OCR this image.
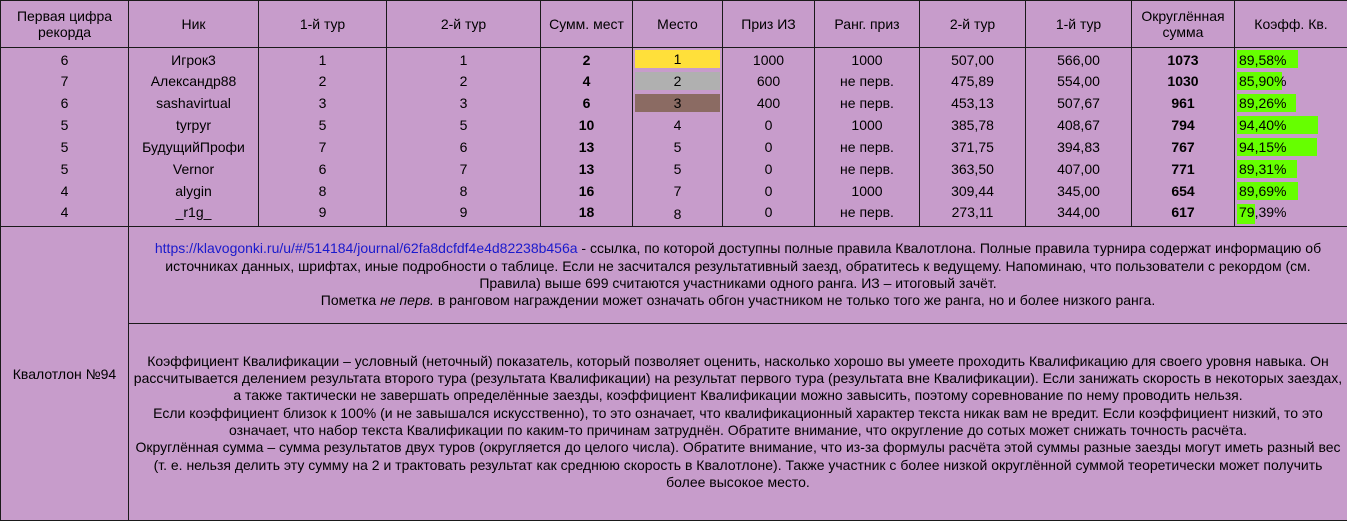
Первая цифра рекорда	Ник	1-й тур	2-й тур	Сумм. мест	Место	Приз ИЗ	Ранг. приз	2-й тур	1-й тур	Округлённая сумма	Коэфф. Кв.
6	Игрок3	1	1	2	1	1000	1000	507,00	566,00	1073	89,58%
7	Александр88	2	2	4	2	600	не перв.	475,89	554,00	1030	85,90%
6	sashavirtual	3	3	6	3	400	не перв.	453,13	507,67	961	89,26%
5	tyrpyr	5	5	10	4	0	1000	385,78	408,67	794	94,40%
5	БудущийПрофи	7	6	13	5	0	не перв.	371,75	394,83	767	94,15%
5	Vernor	6	7	13	5	0	не перв.	363,50	407,00	771	89,31%
4	alygin	8	8	16	7	0	1000	309,44	345,00	654	89,69%
4	_r1g_	9	9	18	8	0	не перв.	273,11	344,00	617	79,39%
Квалотлон №94	https://klavogonki.ru/u/#/514184/journal/62fa8dcfdf4e4d82238b456a - ссылка, по которой доступны полные правила Квалотлона. Полные правила турнира содержат информацию об источниках данных, шрифтах, иные подробности о таблице. Если не засчитался результативный заезд, обратитесь к ведущему. Напоминаю, что пользователи с рекордом (см. Правила) выше 699 считаются участниками одного ранга. ИЗ – итоговый зачёт.
Пометка не перв. в ранговом награждении может означать обгон участником не только того же ранга, но и более низкого ранга.										
	Коэффициент Квалификации – условный (неточный) показатель, который позволяет оценить, насколько хорошо вы умеете проходить Квалификацию для своего уровня навыка. Он рассчитывается делением результата второго тура (результата Квалификации) на результат первого тура (результата вне Квалификации). Если занижать скорость в некоторых заездах, а также тактически не завершать определённые заезды, коэффициент Квалификации можно завысить, поэтому соревнование по нему проводить нельзя.
Если коэффициент близок к 100% (и не завышался искусственно), то это означает, что квалификационный характер текста никак вам не вредит. Если коэффициент низкий, то это означает, что набор текста Квалификации по каким-то причинам затруднён. Обратите внимание, что округление до сотых может снижать точность расчёта.
Округлённая сумма – сумма результатов двух туров (округляется до целого числа). Обратите внимание, что из-за формулы расчёта этой суммы разные заезды могут иметь разный вес (т. е. нельзя делить эту сумму на 2 и трактовать результат как среднюю скорость в Квалотлоне). Также участник с более низкой округлённой суммой теоретически может получить более высокое место.										
